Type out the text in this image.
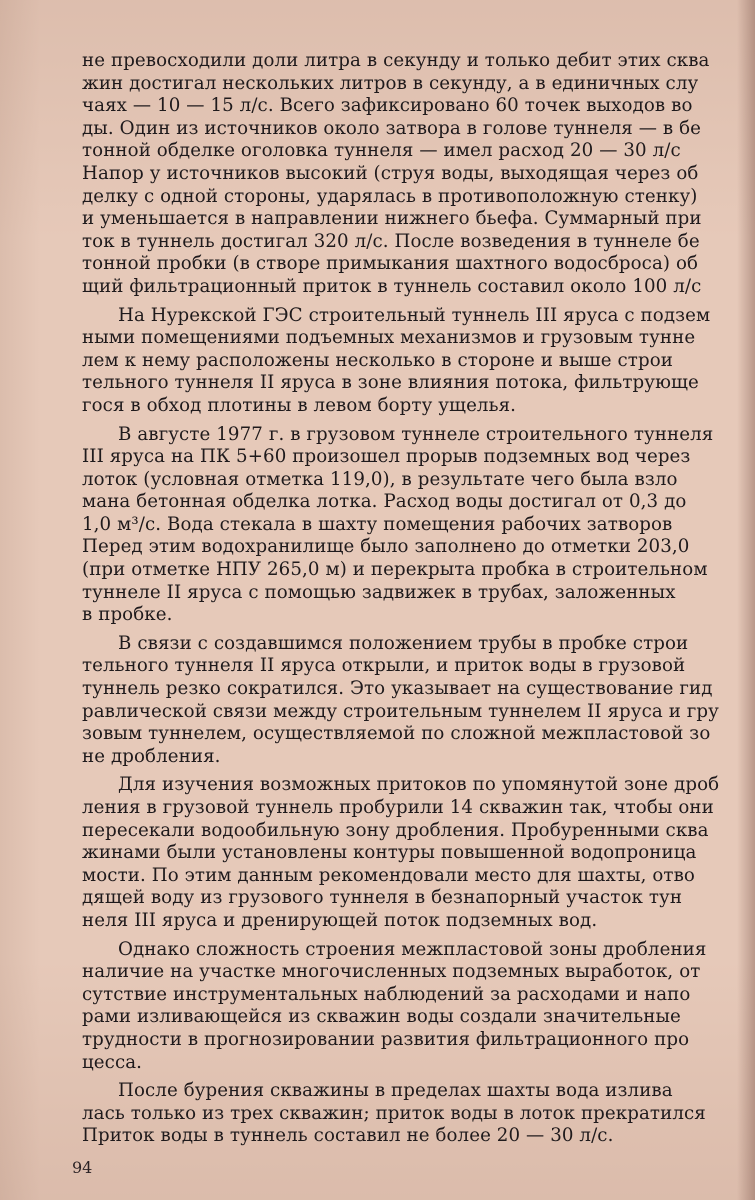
не превосходили доли литра в секунду и только дебит этих сква
жин достигал нескольких литров в секунду, а в единичных слу
чаях — 10 — 15 л/с. Всего зафиксировано 60 точек выходов во
ды. Один из источников около затвора в голове туннеля — в бе
тонной обделке оголовка туннеля — имел расход 20 — 30 л/с
Напор у источников высокий (струя воды, выходящая через об
делку с одной стороны, ударялась в противоположную стенку)
и уменьшается в направлении нижнего бьефа. Суммарный при
ток в туннель достигал 320 л/с. После возведения в туннеле бе
тонной пробки (в створе примыкания шахтного водосброса) об
щий фильтрационный приток в туннель составил около 100 л/с
На Нурекской ГЭС строительный туннель III яруса с подзем
ными помещениями подъемных механизмов и грузовым тунне
лем к нему расположены несколько в стороне и выше строи
тельного туннеля II яруса в зоне влияния потока, фильтрующе
гося в обход плотины в левом борту ущелья.
В августе 1977 г. в грузовом туннеле строительного туннеля
III яруса на ПК 5+60 произошел прорыв подземных вод через
лоток (условная отметка 119,0), в результате чего была взло
мана бетонная обделка лотка. Расход воды достигал от 0,3 до
1,0 м³/с. Вода стекала в шахту помещения рабочих затворов
Перед этим водохранилище было заполнено до отметки 203,0
(при отметке НПУ 265,0 м) и перекрыта пробка в строительном
туннеле II яруса с помощью задвижек в трубах, заложенных
в пробке.
В связи с создавшимся положением трубы в пробке строи
тельного туннеля II яруса открыли, и приток воды в грузовой
туннель резко сократился. Это указывает на существование гид
равлической связи между строительным туннелем II яруса и гру
зовым туннелем, осуществляемой по сложной межпластовой зо
не дробления.
Для изучения возможных притоков по упомянутой зоне дроб
ления в грузовой туннель пробурили 14 скважин так, чтобы они
пересекали водообильную зону дробления. Пробуренными сква
жинами были установлены контуры повышенной водопроница
мости. По этим данным рекомендовали место для шахты, отво
дящей воду из грузового туннеля в безнапорный участок тун
неля III яруса и дренирующей поток подземных вод.
Однако сложность строения межпластовой зоны дробления
наличие на участке многочисленных подземных выработок, от
сутствие инструментальных наблюдений за расходами и напо
рами изливающейся из скважин воды создали значительные
трудности в прогнозировании развития фильтрационного про
цесса.
После бурения скважины в пределах шахты вода излива
лась только из трех скважин; приток воды в лоток прекратился
Приток воды в туннель составил не более 20 — 30 л/с.
94
